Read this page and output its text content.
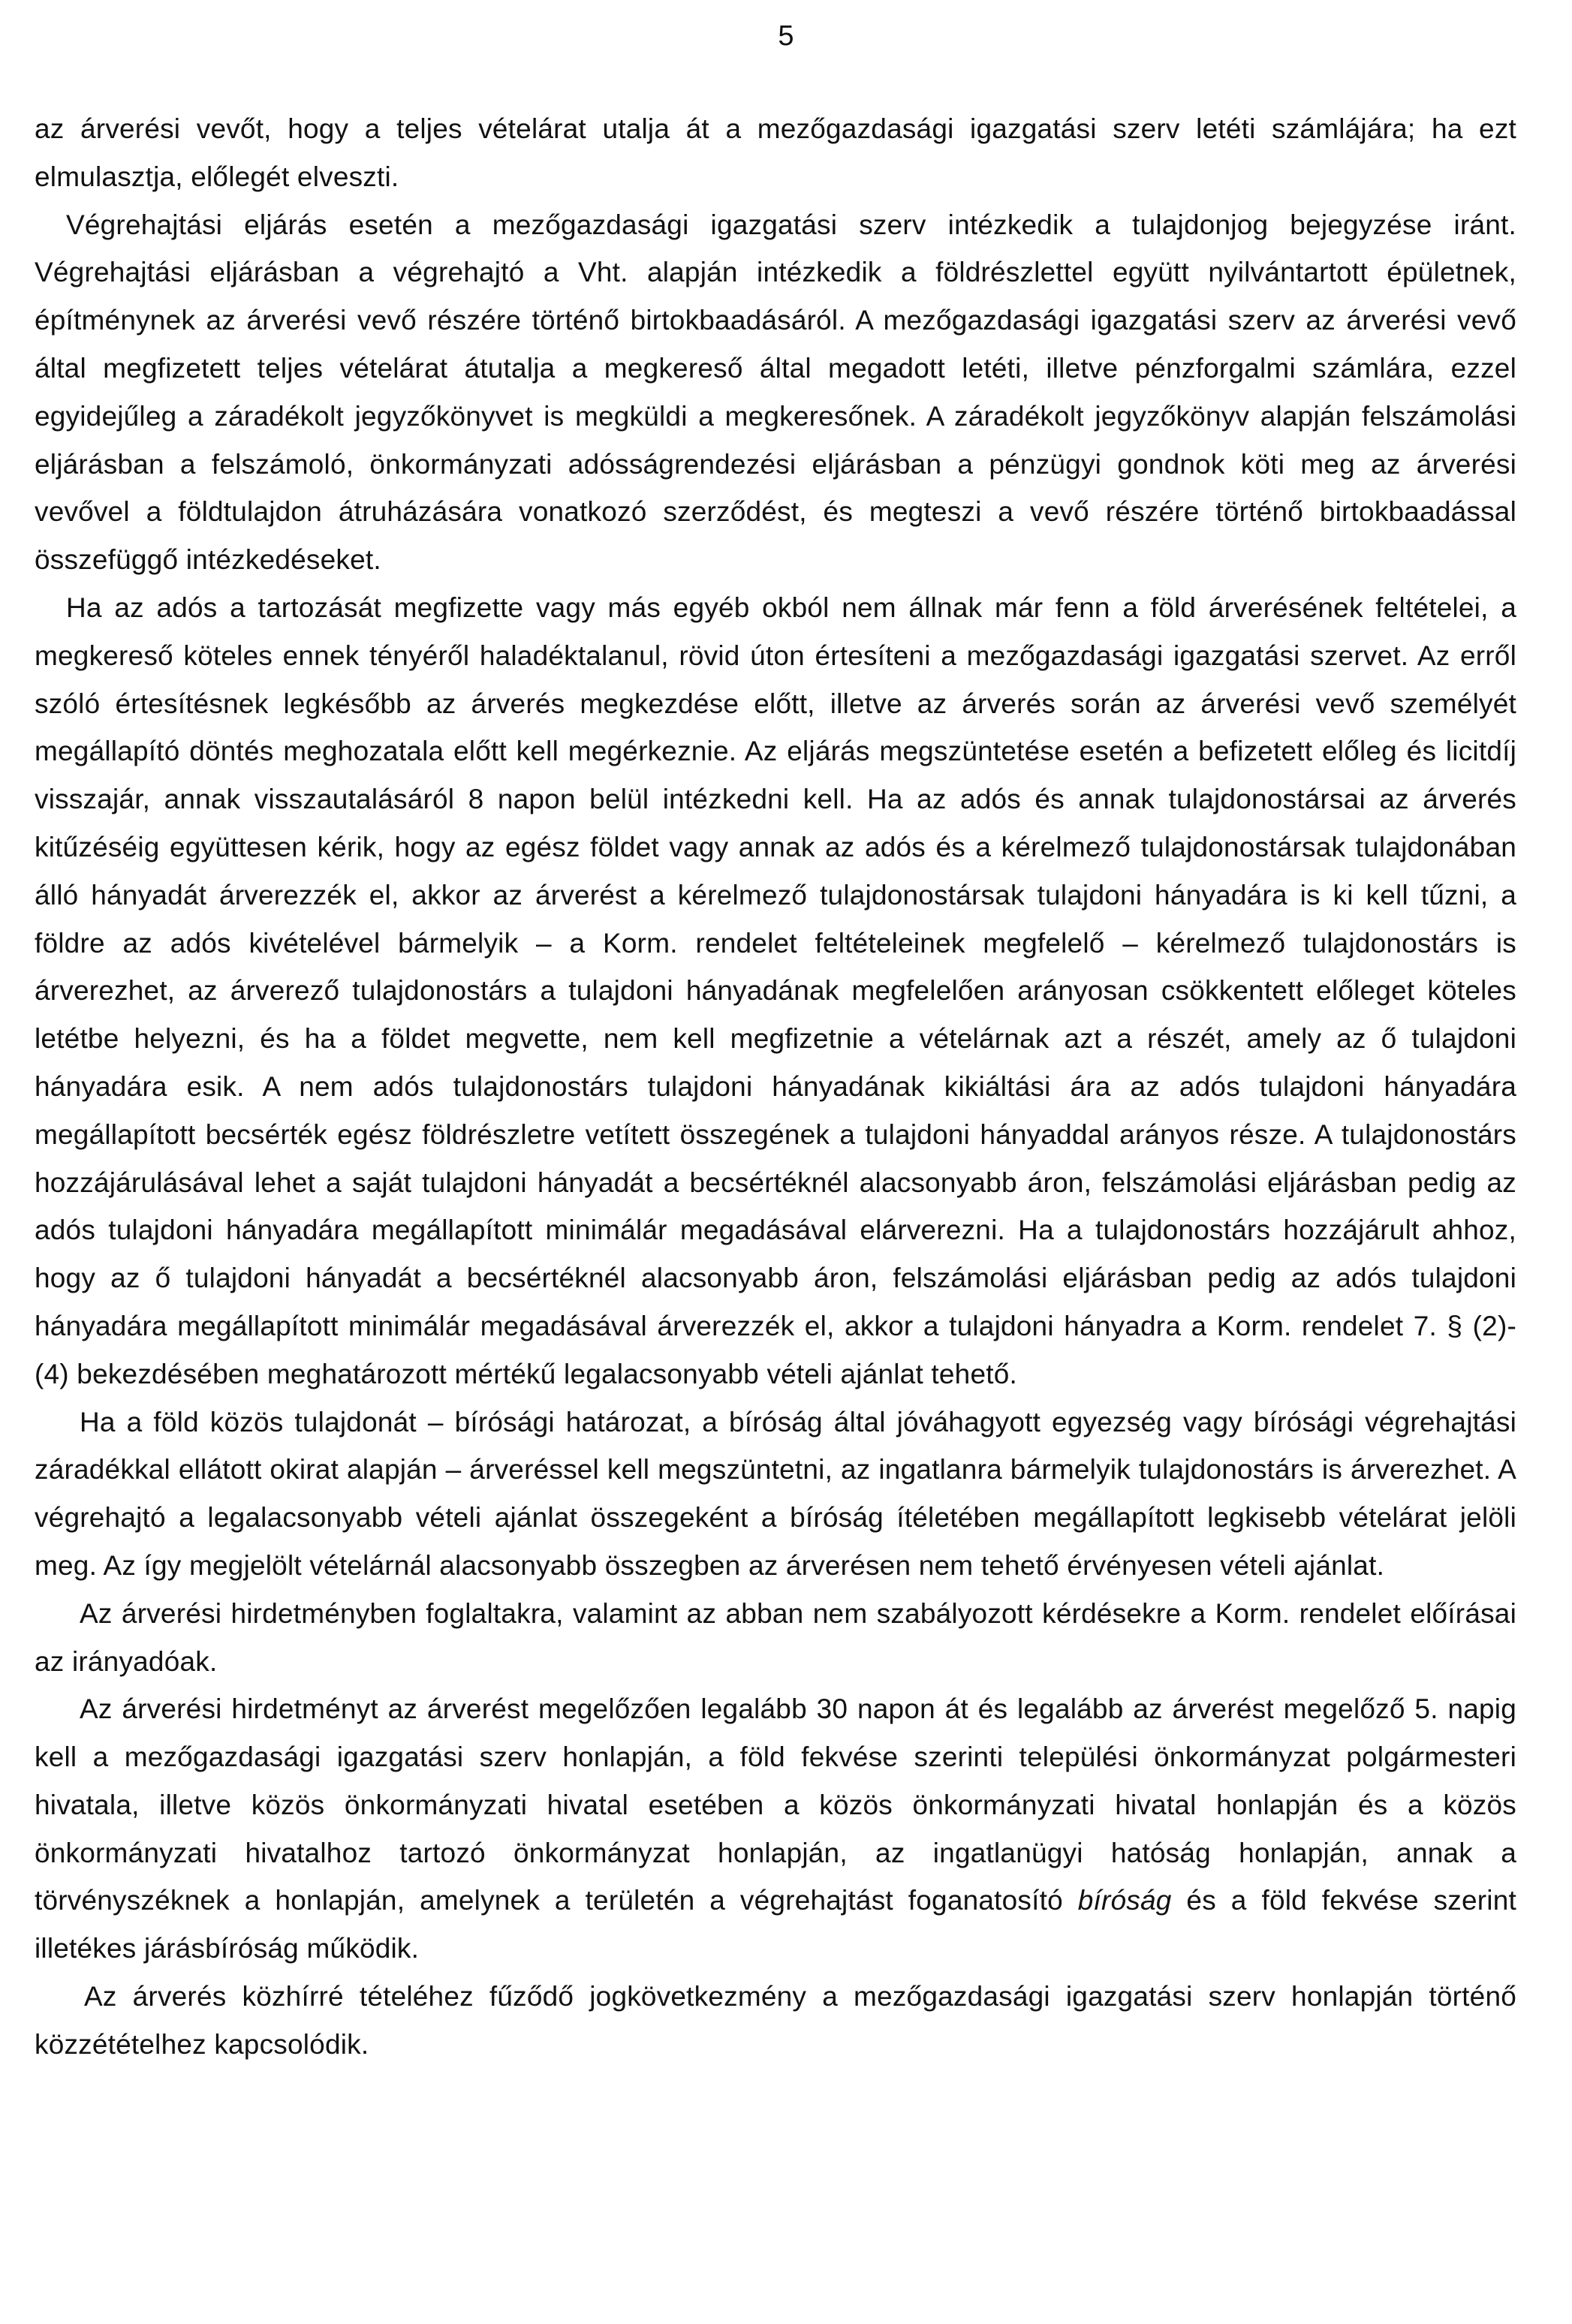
5

az árverési vevőt, hogy a teljes vételárat utalja át a mezőgazdasági igazgatási szerv letéti számlájára; ha ezt elmulasztja, előlegét elveszti.

Végrehajtási eljárás esetén a mezőgazdasági igazgatási szerv intézkedik a tulajdonjog bejegyzése iránt. Végrehajtási eljárásban a végrehajtó a Vht. alapján intézkedik a földrészlettel együtt nyilvántartott épületnek, építménynek az árverési vevő részére történő birtokbaadásáról. A mezőgazdasági igazgatási szerv az árverési vevő által megfizetett teljes vételárat átutalja a megkereső által megadott letéti, illetve pénzforgalmi számlára, ezzel egyidejűleg a záradékolt jegyzőkönyvet is megküldi a megkeresőnek. A záradékolt jegyzőkönyv alapján felszámolási eljárásban a felszámoló, önkormányzati adósságrendezési eljárásban a pénzügyi gondnok köti meg az árverési vevővel a földtulajdon átruházására vonatkozó szerződést, és megteszi a vevő részére történő birtokbaadással összefüggő intézkedéseket.

Ha az adós a tartozását megfizette vagy más egyéb okból nem állnak már fenn a föld árverésének feltételei, a megkereső köteles ennek tényéről haladéktalanul, rövid úton értesíteni a mezőgazdasági igazgatási szervet. Az erről szóló értesítésnek legkésőbb az árverés megkezdése előtt, illetve az árverés során az árverési vevő személyét megállapító döntés meghozatala előtt kell megérkeznie. Az eljárás megszüntetése esetén a befizetett előleg és licitdíj visszajár, annak visszautalásáról 8 napon belül intézkedni kell. Ha az adós és annak tulajdonostársai az árverés kitűzéséig együttesen kérik, hogy az egész földet vagy annak az adós és a kérelmező tulajdonostársak tulajdonában álló hányadát árverezzék el, akkor az árverést a kérelmező tulajdonostársak tulajdoni hányadára is ki kell tűzni, a földre az adós kivételével bármelyik – a Korm. rendelet feltételeinek megfelelő – kérelmező tulajdonostárs is árverezhet, az árverező tulajdonostárs a tulajdoni hányadának megfelelően arányosan csökkentett előleget köteles letétbe helyezni, és ha a földet megvette, nem kell megfizetnie a vételárnak azt a részét, amely az ő tulajdoni hányadára esik. A nem adós tulajdonostárs tulajdoni hányadának kikiáltási ára az adós tulajdoni hányadára megállapított becsérték egész földrészletre vetített összegének a tulajdoni hányaddal arányos része. A tulajdonostárs hozzájárulásával lehet a saját tulajdoni hányadát a becsértéknél alacsonyabb áron, felszámolási eljárásban pedig az adós tulajdoni hányadára megállapított minimálár megadásával elárverezni. Ha a tulajdonostárs hozzájárult ahhoz, hogy az ő tulajdoni hányadát a becsértéknél alacsonyabb áron, felszámolási eljárásban pedig az adós tulajdoni hányadára megállapított minimálár megadásával árverezzék el, akkor a tulajdoni hányadra a Korm. rendelet 7. § (2)-(4) bekezdésében meghatározott mértékű legalacsonyabb vételi ajánlat tehető.

Ha a föld közös tulajdonát – bírósági határozat, a bíróság által jóváhagyott egyezség vagy bírósági végrehajtási záradékkal ellátott okirat alapján – árveréssel kell megszüntetni, az ingatlanra bármelyik tulajdonostárs is árverezhet. A végrehajtó a legalacsonyabb vételi ajánlat összegeként a bíróság ítéletében megállapított legkisebb vételárat jelöli meg. Az így megjelölt vételárnál alacsonyabb összegben az árverésen nem tehető érvényesen vételi ajánlat.

Az árverési hirdetményben foglaltakra, valamint az abban nem szabályozott kérdésekre a Korm. rendelet előírásai az irányadóak.

Az árverési hirdetményt az árverést megelőzően legalább 30 napon át és legalább az árverést megelőző 5. napig kell a mezőgazdasági igazgatási szerv honlapján, a föld fekvése szerinti települési önkormányzat polgármesteri hivatala, illetve közös önkormányzati hivatal esetében a közös önkormányzati hivatal honlapján és a közös önkormányzati hivatalhoz tartozó önkormányzat honlapján, az ingatlanügyi hatóság honlapján, annak a törvényszéknek a honlapján, amelynek a területén a végrehajtást foganatosító bíróság és a föld fekvése szerint illetékes járásbíróság működik.

Az árverés közhírré tételéhez fűződő jogkövetkezmény a mezőgazdasági igazgatási szerv honlapján történő közzétételhez kapcsolódik.
